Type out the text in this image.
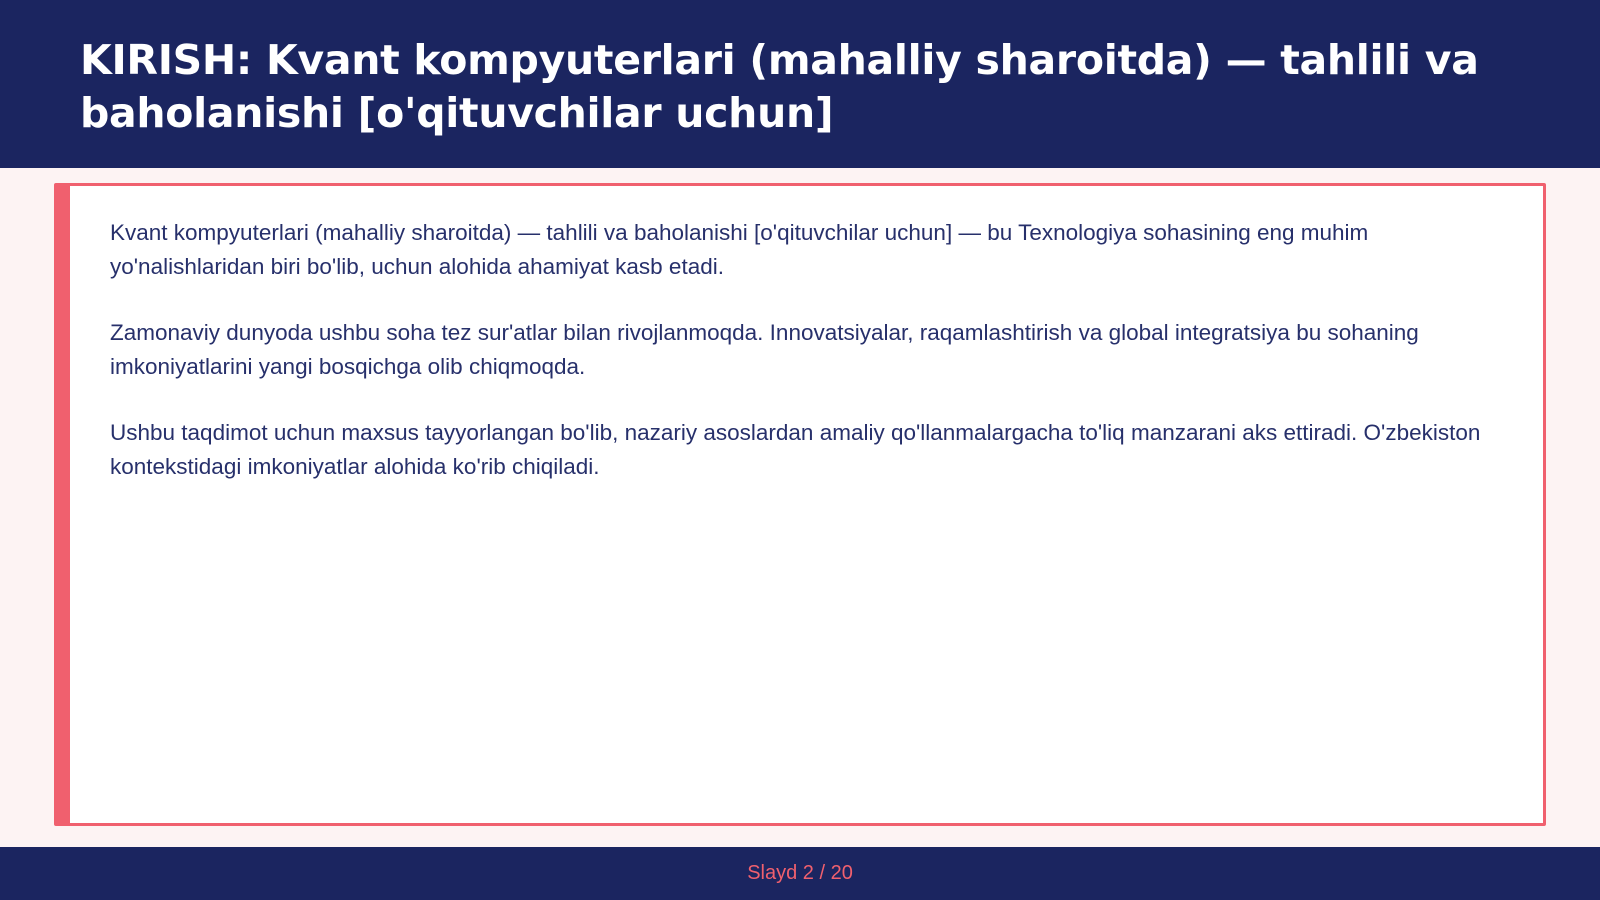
KIRISH: Kvant kompyuterlari (mahalliy sharoitda) — tahlili va baholanishi [o'qituvchilar uchun]

Kvant kompyuterlari (mahalliy sharoitda) — tahlili va baholanishi [o'qituvchilar uchun] — bu Texnologiya sohasining eng muhim yo'nalishlaridan biri bo'lib, uchun alohida ahamiyat kasb etadi.

Zamonaviy dunyoda ushbu soha tez sur'atlar bilan rivojlanmoqda. Innovatsiyalar, raqamlashtirish va global integratsiya bu sohaning imkoniyatlarini yangi bosqichga olib chiqmoqda.

Ushbu taqdimot uchun maxsus tayyorlangan bo'lib, nazariy asoslardan amaliy qo'llanmalargacha to'liq manzarani aks ettiradi. O'zbekiston kontekstidagi imkoniyatlar alohida ko'rib chiqiladi.

Slayd 2 / 20
